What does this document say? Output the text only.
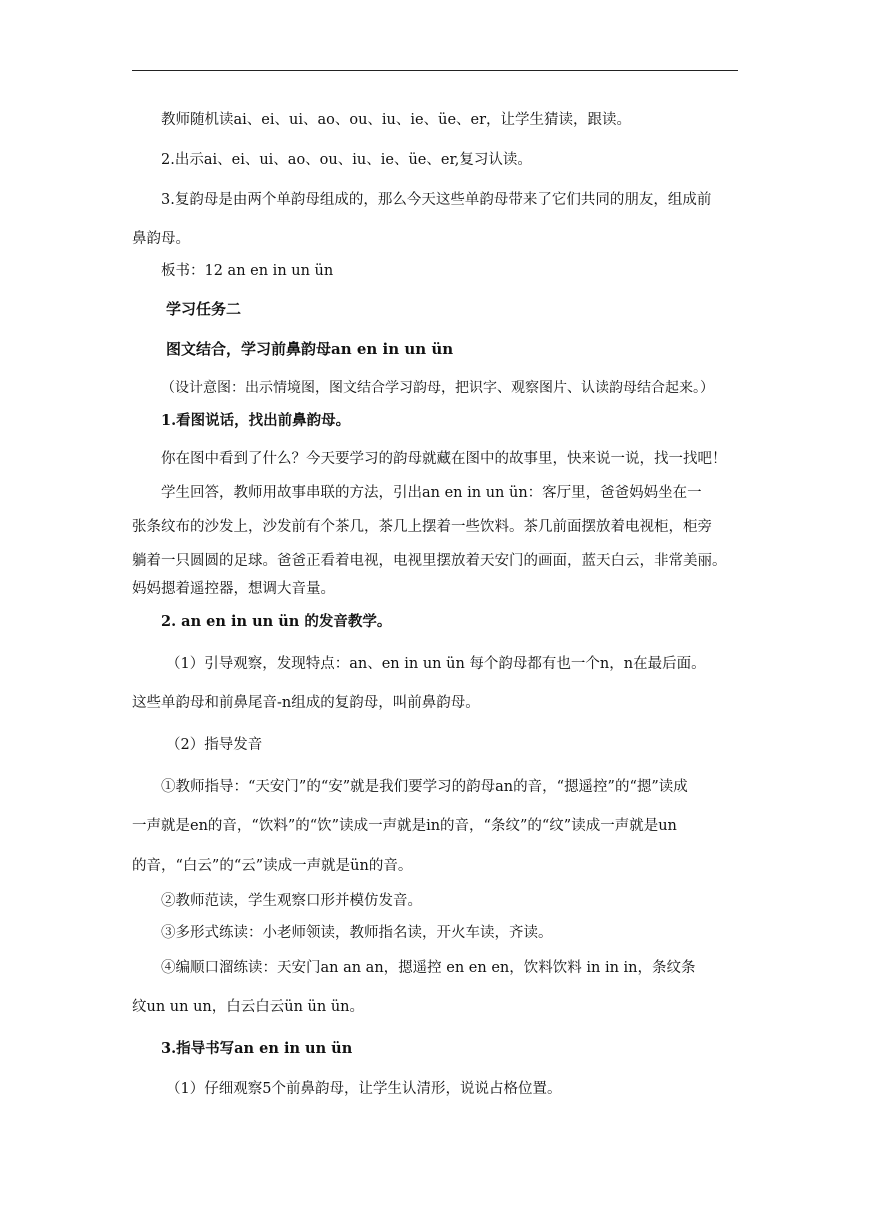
教师随机读ai、ei、ui、ao、ou、iu、ie、üe、er，让学生猜读，跟读。
2.出示ai、ei、ui、ao、ou、iu、ie、üe、er,复习认读。
3.复韵母是由两个单韵母组成的，那么今天这些单韵母带来了它们共同的朋友，组成前
鼻韵母。
板书：12 an en in un ün
学习任务二
图文结合，学习前鼻韵母an en in un ün
（设计意图：出示情境图，图文结合学习韵母，把识字、观察图片、认读韵母结合起来。）
1.看图说话，找出前鼻韵母。
你在图中看到了什么？今天要学习的韵母就藏在图中的故事里，快来说一说，找一找吧！
学生回答，教师用故事串联的方法，引出an en in un ün：客厅里，爸爸妈妈坐在一
张条纹布的沙发上，沙发前有个茶几，茶几上摆着一些饮料。茶几前面摆放着电视柜，柜旁
躺着一只圆圆的足球。爸爸正看着电视，电视里摆放着天安门的画面，蓝天白云，非常美丽。
妈妈摁着遥控器，想调大音量。
2. an en in un ün 的发音教学。
（1）引导观察，发现特点：an、en in un ün 每个韵母都有也一个n，n在最后面。
这些单韵母和前鼻尾音-n组成的复韵母，叫前鼻韵母。
（2）指导发音
①教师指导：“天安门”的“安”就是我们要学习的韵母an的音，“摁遥控”的“摁”读成
一声就是en的音，“饮料”的“饮”读成一声就是in的音，“条纹”的“纹”读成一声就是un
的音，“白云”的“云”读成一声就是ün的音。
②教师范读，学生观察口形并模仿发音。
③多形式练读：小老师领读，教师指名读，开火车读，齐读。
④编顺口溜练读：天安门an an an，摁遥控 en en en，饮料饮料 in in in，条纹条
纹un un un，白云白云ün ün ün。
3.指导书写an en in un ün
（1）仔细观察5个前鼻韵母，让学生认清形，说说占格位置。
